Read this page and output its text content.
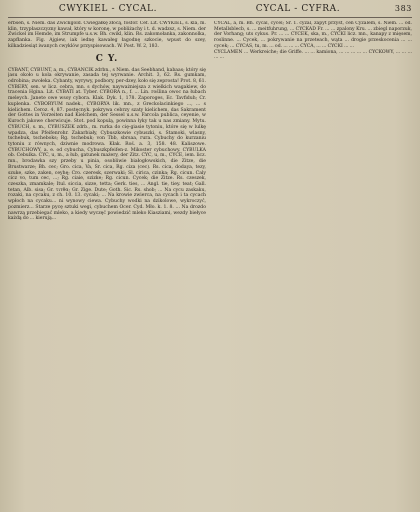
CWYKIEL - CYCAL.	CYCAL - CYFRA.	383

erbsen, s. Niem. das Zwickgold. Cwiegałkę złocą, fosfor. Cef. Lit. CWYKIEL, s. kla, m. klin, trzypłaszczyzny kawał, który w koronę, w pobliżachy i t. d. wadzsz, s. Niem. der Zwickel im Hemde, im Strumpfe u.s.w. Bh. cwikl, klin. Rs. zakomołanka, zakonnolka, zapfłankа. Fig. Ajgiew, iak iednę kawałeg łagodnę szkocie, wpust do szey, kilkadziesiąt iwanych cwyklów przyspisowach. W. Post. W. 2, 183.

C Y.

CYBANT, CYBUNT, a, m., CYBANCIK zdrbn., s Niem. das Seebhand, kabaas; który się jasu około u kola okrywanie, zasada tej wyrwanie. Archit. 3, 62. Rs. gumkam, odrobina; zwołeka. Cybanty, wyrywy, podbory, per-dzey, koło się zeprosta! Prot. 8, 61. CYBERY, sen. w licz. cebra, mn. s dychów, nayważniejsza z wielkich wagakiew, do tracenia Hgina. Lit. CYBATI at. Tyber. CYBORA n., f. ... Lin. roślina owoc na łubach meleych. Janete owe wsoy cybora. Klak. Dyk. 1, 178. Zaporoges, Ec. Tavfiduh; Cr. kuplenka. CYBORYUM nadek., CYBORYA lik. mn., z Greckolacinkiego ..., ... s kielichem. Ceroz. 4, 87. postęcnyk. pokrywa cebrzy szaty kielichem, das Sakrament der Gottes in Vorzeiten nad Kielchem, der Sessel u.s.w. Farcola publica, ceyenie, w Kuroch jakowe cherwicuje. Stot. pod kopulą, powinna łyky tak u nas zmiany. Mytu. CYBUCH, s. m., CYBUSZEK zdrb., m. rurka do cię-giasie tytoniu, które się w lulkę wpadza, das Pfeifenrohr. Zakarbiały, Cybuszkowie cybuszki, s. Stamoki, wlasny, tschebuk, tscheboks; Rg. tschebuk; von Tbb, sbrsaa, rura. Cybuchy do kurzaniu tytoniu z równych, dziwnie modrowa. Kłak. Roś. a. 3, 158. 48. Kaliszowe. CYBUCHOWY, a. e. od cybucha, Cybuszkpfeifen-z. Mikoster cybuchowy. CYBULKA ob. Cebulka. CYC, u, m., a łub, gatunek mażery, der Zitz. CYC, u, m., CYCE, iem. licz. mn., brodawka szy przeby u pinia, osobliwie białogłowskich, die Zitze, die Brustwarze; Bh. cec; Gro. cica, Va, Sr. cica, Rg. ciza (cec). Rs. cica, dodaya, tezy, szuke, szke, zaken, ceyhę; Cro. czeresk, szerwaki; Sl. cirica, czinka; Rg. cicun. Caly cicz vo, tum cec, ...; Rg. ciaie, szizke; Rg. cicun. Cycek; die Zitze. Rs. czeszek, czeszka, zmamkale; Itul. siccia, sizze, tetta; Gerk. ties, ... Angl. tie, tiey. teat; Gall. tetan, Alb. sisa; Gr. τιτθα; Gr. Zige. Dute; Goth. Sic. Rs. shob; ... Na cycu zaskaku, rozaki, na cycaku, z ch. 10. 13. cycaki; ... Na krowie zwierca, na cycach i ta cycach wpłoch na cycaku... ni wynowy ciewa. Cybuchy wodki na dzikolowe, wykroczyć, pozmierz... Starze pycę sztuki wegi, cybuchem Ocer. Cyd. Mło. k. 1. 8. ... Na drozdo nawrzą przebiegać mleko, a kiedy wyczęć powiedzić mleko Kiasziami, wezdy biełyce każdą do ... kierują...

CYCAL, a, m. Bh. cycal, cycel; Sr. 1. cyzal, zapyt przyst, cen Cyzalem, s. Niem. ... od. Metallsblecb, s. ... meitfuhrung, ... CYCKAD Fr. ... ... zpalony Kru. ... zbiegl naporzuk, der Vorhang; uts cykus. Pr. ... ... CYCEK, ska, m., CYCKI licz. mn., kanapy z mięsem, roslinne. ... Cycek, ... pokrywanie na przeteach, wąta ... drogie przeskocenia ... ... cycek; ... CYCAS, tu, m. ... od. ... ... ... CYCA, ... ... CYCKI ... ...

CYCLAMEN ... Werkreiche; die Griffe. ... ... kamiona, ... ... ... ... ... CYCKOWY, ... ... ... ... ...
